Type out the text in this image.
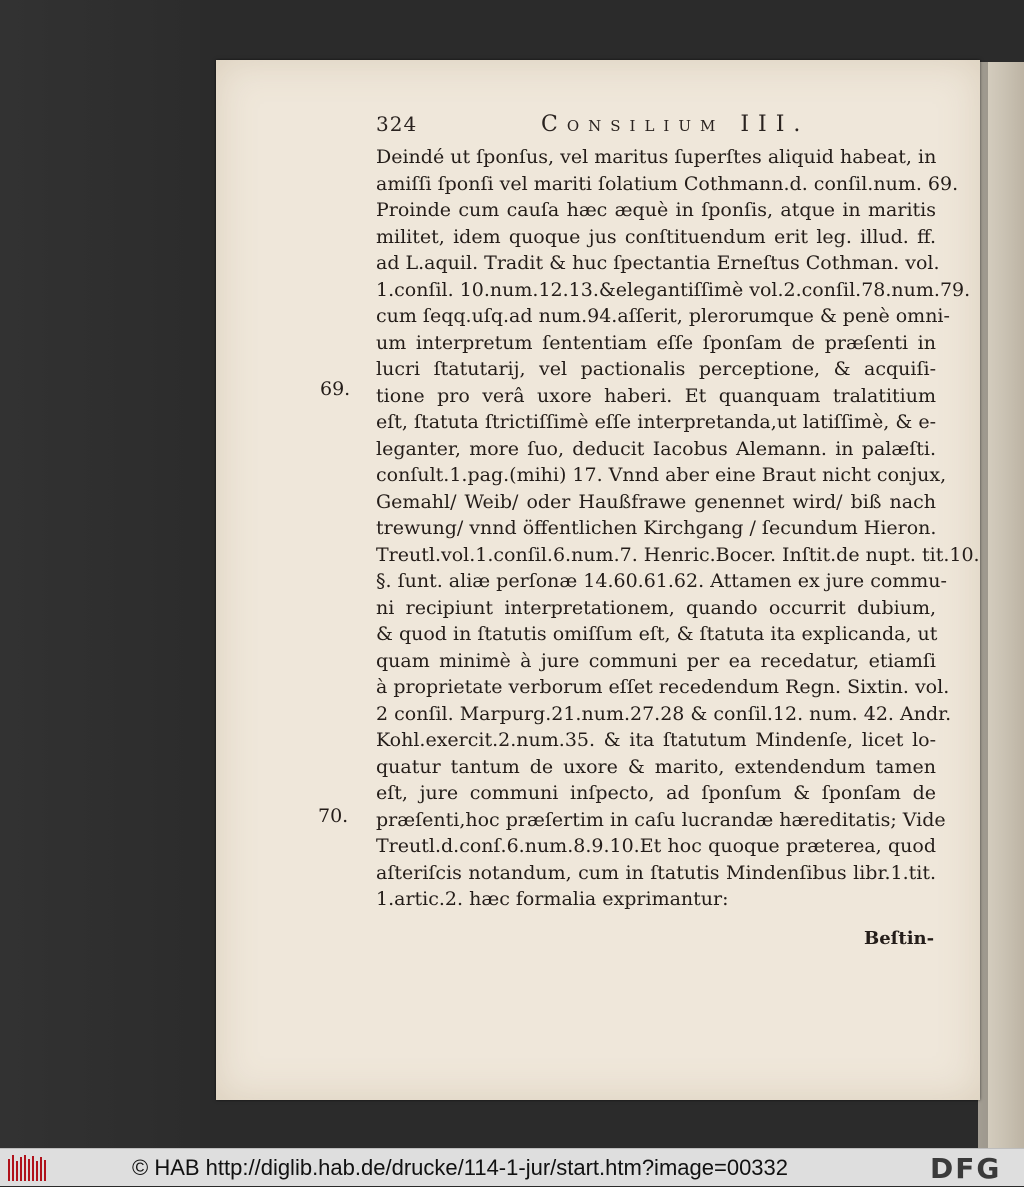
324	Consilium III.
Deindé ut ſponſus, vel maritus ſuperſtes aliquid habeat, in
amiſſi ſponſi vel mariti ſolatium Cothmann.d. conſil.num. 69.
Proinde cum cauſa hæc æquè in ſponſis, atque in maritis
militet, idem quoque jus conſtituendum erit leg. illud. ff.
ad L.aquil. Tradit & huc ſpectantia Erneſtus Cothman. vol.
1.conſil. 10.num.12.13.&elegantiſſimè vol.2.conſil.78.num.79.
cum ſeqq.uſq.ad num.94.aſſerit, plerorumque & penè omni-
um interpretum ſententiam eſſe ſponſam de præſenti in
lucri ſtatutarij, vel pactionalis perceptione, & acquiſi-
tione pro verâ uxore haberi. Et quanquam tralatitium
eſt, ſtatuta ſtrictiſſimè eſſe interpretanda,ut latiſſimè, & e-
leganter, more ſuo, deducit Iacobus Alemann. in palæſti.
conſult.1.pag.(mihi) 17. Vnnd aber eine Braut nicht conjux,
Gemahl/ Weib/ oder Haußfrawe genennet wird/ biß nach
trewung/ vnnd öffentlichen Kirchgang / ſecundum Hieron.
Treutl.vol.1.conſil.6.num.7. Henric.Bocer. Inſtit.de nupt. tit.10.
§. ſunt. aliæ perſonæ 14.60.61.62. Attamen ex jure commu-
ni recipiunt interpretationem, quando occurrit dubium,
& quod in ſtatutis omiſſum eſt, & ſtatuta ita explicanda, ut
quam minimè à jure communi per ea recedatur, etiamſi
à proprietate verborum eſſet recedendum Regn. Sixtin. vol.
2 conſil. Marpurg.21.num.27.28 & conſil.12. num. 42. Andr.
Kohl.exercit.2.num.35. & ita ſtatutum Mindenſe, licet lo-
quatur tantum de uxore & marito, extendendum tamen
eſt, jure communi inſpecto, ad ſponſum & ſponſam de
præſenti,hoc præſertim in caſu lucrandæ hæreditatis; Vide
Treutl.d.conſ.6.num.8.9.10.Et hoc quoque præterea, quod
aſteriſcis notandum, cum in ſtatutis Mindenſibus libr.1.tit.
1.artic.2. hæc formalia exprimantur:
69.
70.
Beſtin-
© HAB http://diglib.hab.de/drucke/114-1-jur/start.htm?image=00332	DFG
